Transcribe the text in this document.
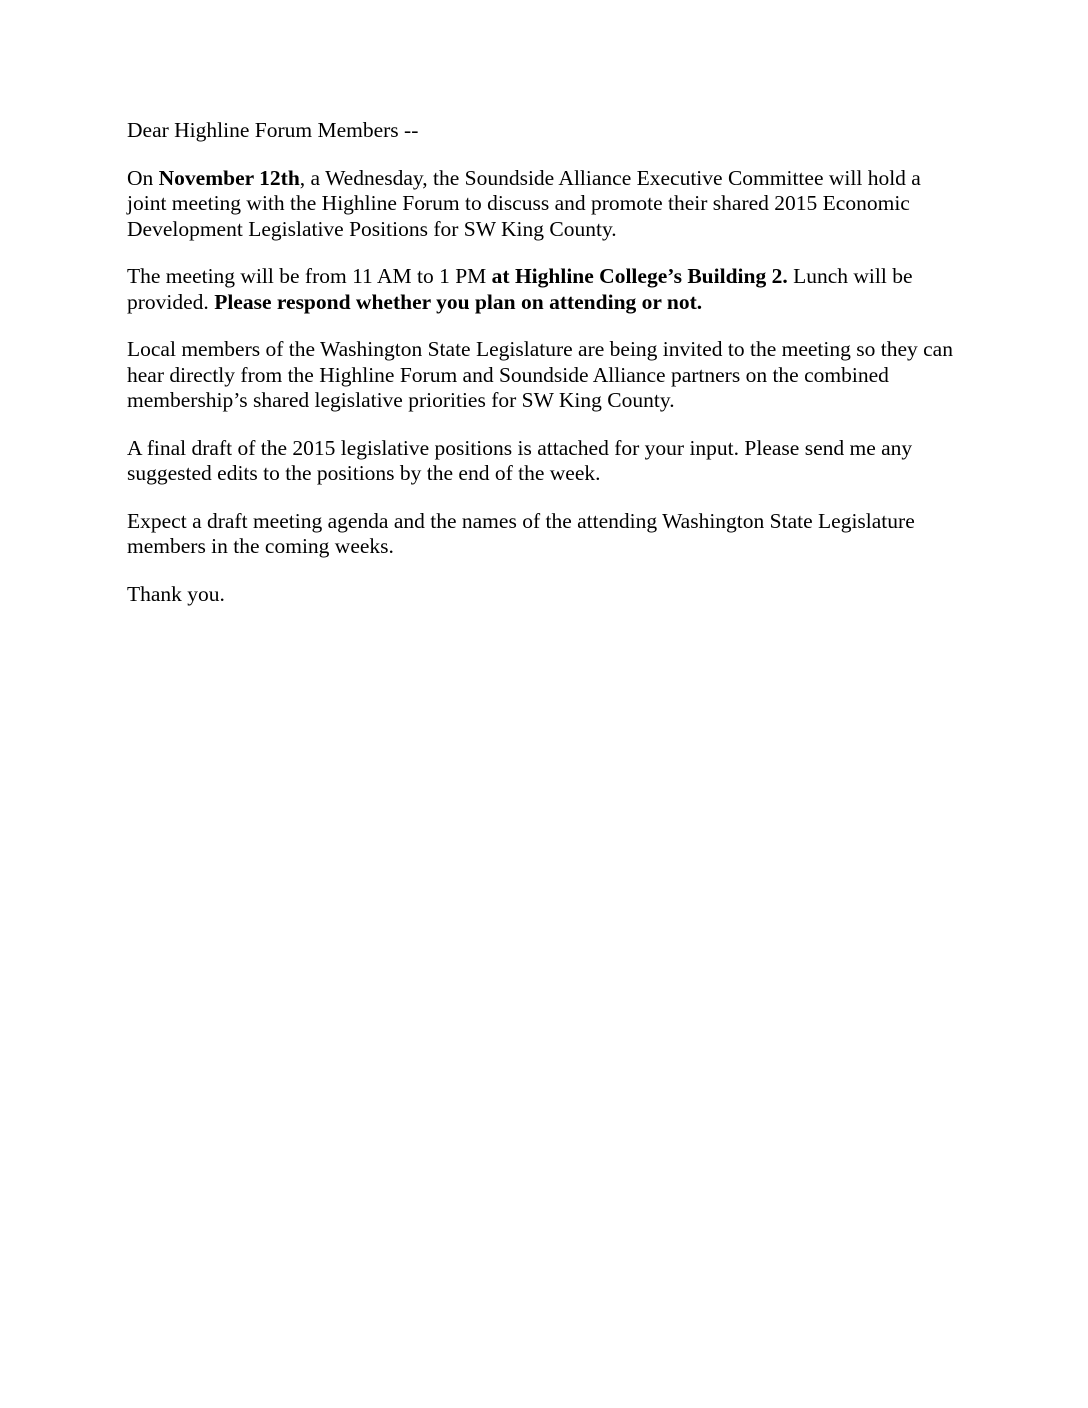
Dear Highline Forum Members --

On November 12th, a Wednesday, the Soundside Alliance Executive Committee will hold a joint meeting with the Highline Forum to discuss and promote their shared 2015 Economic Development Legislative Positions for SW King County.

The meeting will be from 11 AM to 1 PM at Highline College’s Building 2. Lunch will be provided. Please respond whether you plan on attending or not.

Local members of the Washington State Legislature are being invited to the meeting so they can hear directly from the Highline Forum and Soundside Alliance partners on the combined membership’s shared legislative priorities for SW King County.

A final draft of the 2015 legislative positions is attached for your input. Please send me any suggested edits to the positions by the end of the week.

Expect a draft meeting agenda and the names of the attending Washington State Legislature members in the coming weeks.

Thank you.
